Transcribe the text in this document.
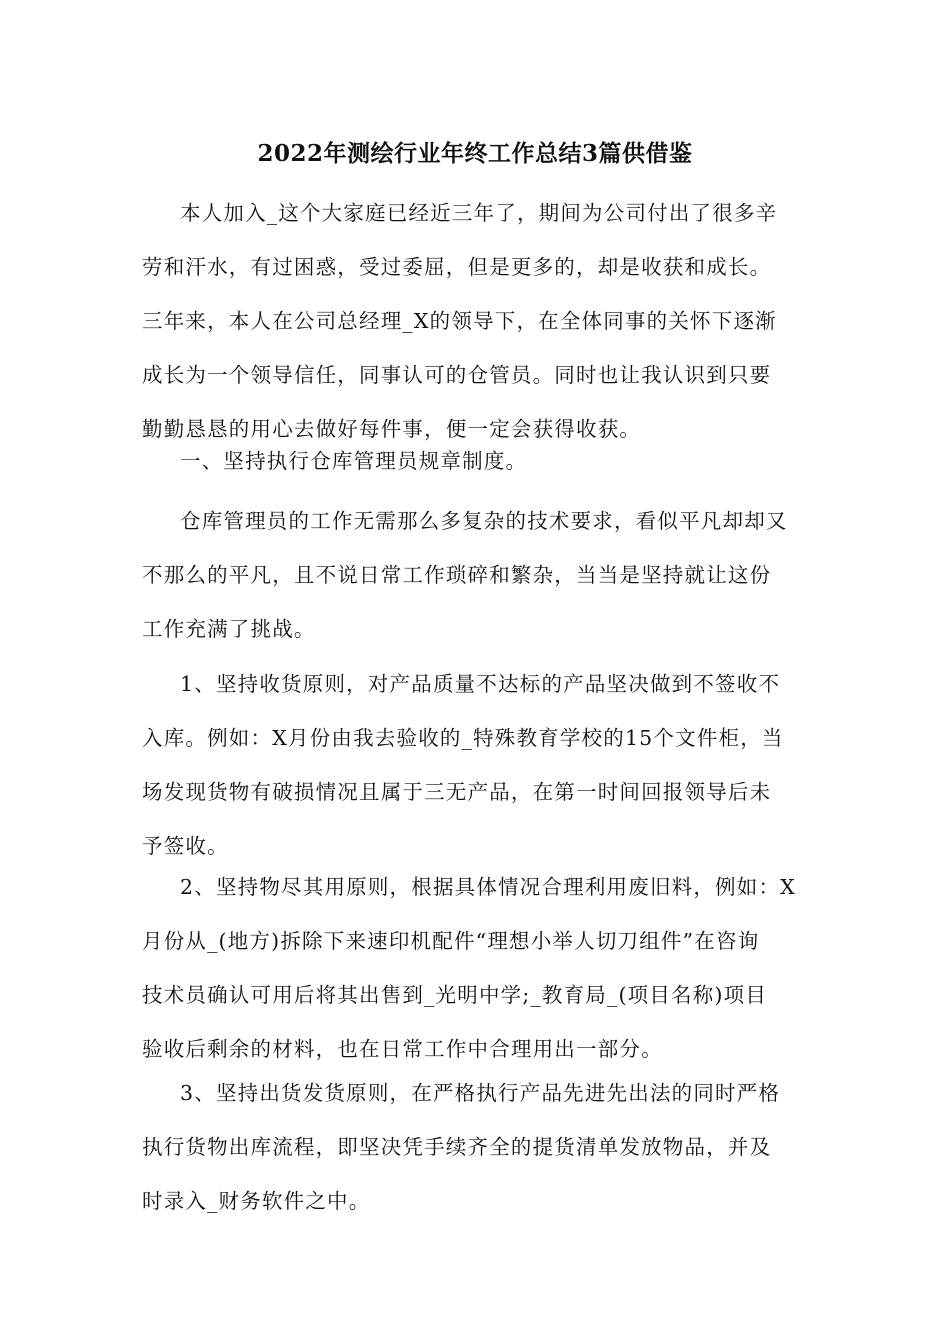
2022年测绘行业年终工作总结3篇供借鉴
本人加入_这个大家庭已经近三年了，期间为公司付出了很多辛
劳和汗水，有过困惑，受过委屈，但是更多的，却是收获和成长。
三年来，本人在公司总经理_X的领导下，在全体同事的关怀下逐渐
成长为一个领导信任，同事认可的仓管员。同时也让我认识到只要
勤勤恳恳的用心去做好每件事，便一定会获得收获。
一、坚持执行仓库管理员规章制度。
仓库管理员的工作无需那么多复杂的技术要求，看似平凡却却又
不那么的平凡，且不说日常工作琐碎和繁杂，当当是坚持就让这份
工作充满了挑战。
1、坚持收货原则，对产品质量不达标的产品坚决做到不签收不
入库。例如：X月份由我去验收的_特殊教育学校的15个文件柜，当
场发现货物有破损情况且属于三无产品，在第一时间回报领导后未
予签收。
2、坚持物尽其用原则，根据具体情况合理利用废旧料，例如：X
月份从_(地方)拆除下来速印机配件“理想小举人切刀组件”在咨询
技术员确认可用后将其出售到_光明中学;_教育局_(项目名称)项目
验收后剩余的材料，也在日常工作中合理用出一部分。
3、坚持出货发货原则，在严格执行产品先进先出法的同时严格
执行货物出库流程，即坚决凭手续齐全的提货清单发放物品，并及
时录入_财务软件之中。
